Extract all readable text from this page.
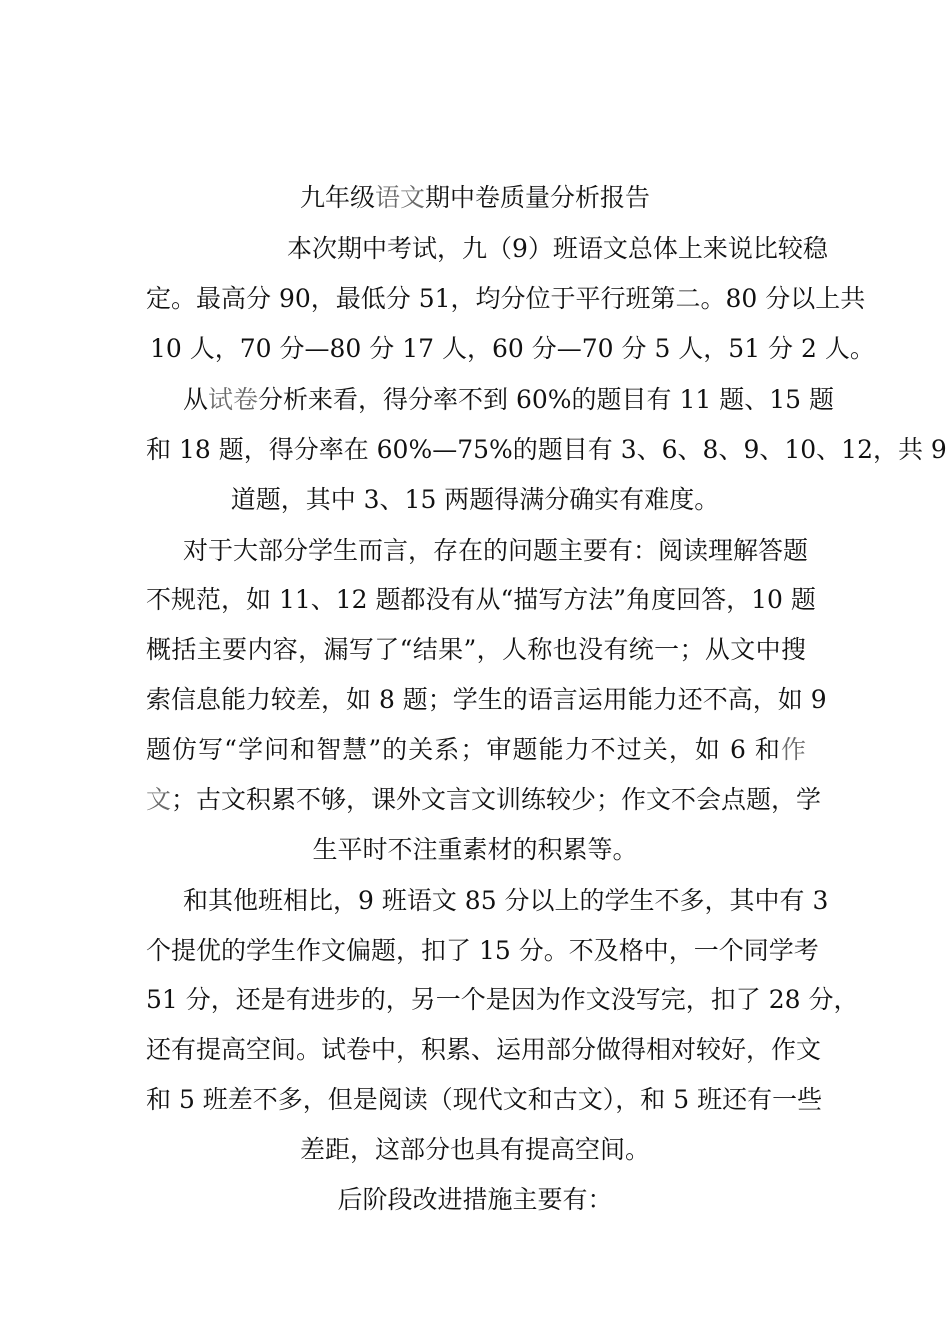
九年级语文期中卷质量分析报告
本次期中考试，九（9）班语文总体上来说比较稳
定。最高分 90，最低分 51，均分位于平行班第二。80 分以上共
10 人，70 分—80 分 17 人，60 分—70 分 5 人，51 分 2 人。
从试卷分析来看，得分率不到 60%的题目有 11 题、15 题
和 18 题，得分率在 60%—75%的题目有 3、6、8、9、10、12，共 9
道题，其中 3、15 两题得满分确实有难度。
对于大部分学生而言，存在的问题主要有：阅读理解答题
不规范，如 11、12 题都没有从“描写方法”角度回答，10 题
概括主要内容，漏写了“结果”，人称也没有统一；从文中搜
索信息能力较差，如 8 题；学生的语言运用能力还不高，如 9
题仿写“学问和智慧”的关系；审题能力不过关，如 6 和作
文；古文积累不够，课外文言文训练较少；作文不会点题，学
生平时不注重素材的积累等。
和其他班相比，9 班语文 85 分以上的学生不多，其中有 3
个提优的学生作文偏题，扣了 15 分。不及格中，一个同学考
51 分，还是有进步的，另一个是因为作文没写完，扣了 28 分，
还有提高空间。试卷中，积累、运用部分做得相对较好，作文
和 5 班差不多，但是阅读（现代文和古文），和 5 班还有一些
差距，这部分也具有提高空间。
后阶段改进措施主要有：
